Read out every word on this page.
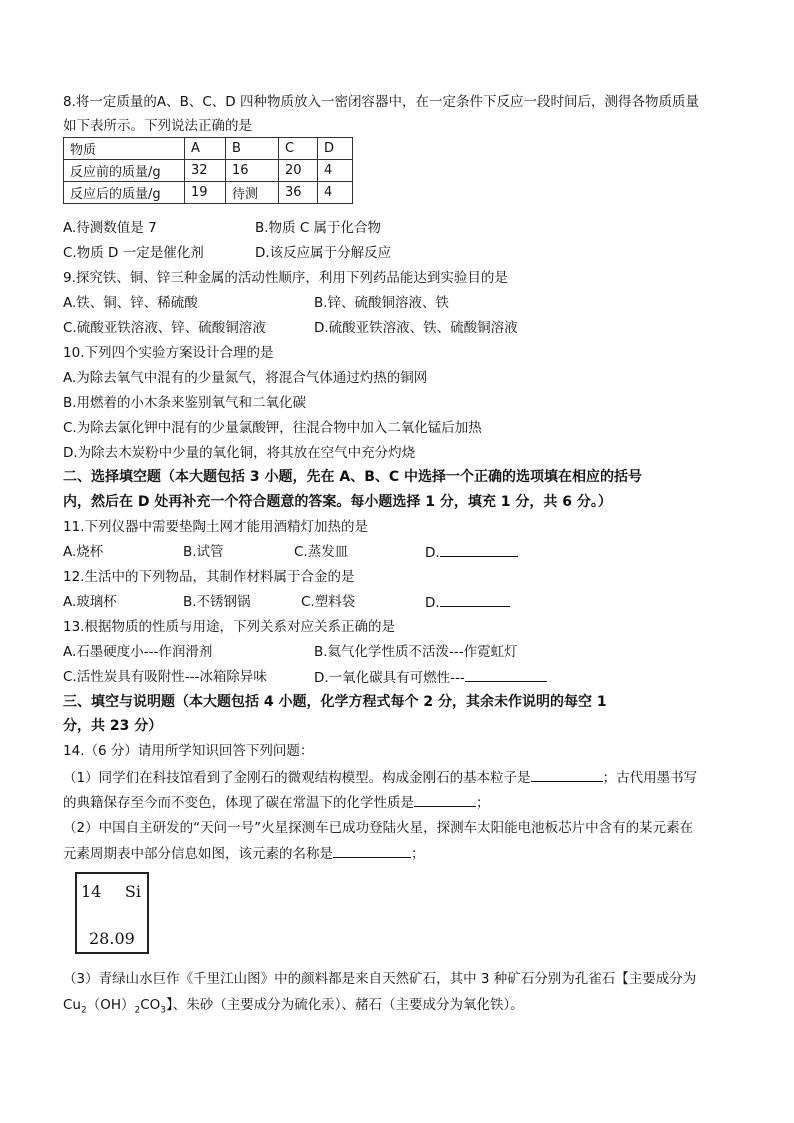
8.将一定质量的A、B、C、D 四种物质放入一密闭容器中，在一定条件下反应一段时间后，测得各物质质量
如下表所示。下列说法正确的是
物质	A	B	C	D
反应前的质量/g	32	16	20	4
反应后的质量/g	19	待测	36	4
A.待测数值是 7	B.物质 C 属于化合物
C.物质 D 一定是催化剂	D.该反应属于分解反应
9.探究铁、铜、锌三种金属的活动性顺序，利用下列药品能达到实验目的是
A.铁、铜、锌、稀硫酸	B.锌、硫酸铜溶液、铁
C.硫酸亚铁溶液、锌、硫酸铜溶液	D.硫酸亚铁溶液、铁、硫酸铜溶液
10.下列四个实验方案设计合理的是
A.为除去氧气中混有的少量氮气，将混合气体通过灼热的铜网
B.用燃着的小木条来鉴别氧气和二氧化碳
C.为除去氯化钾中混有的少量氯酸钾，往混合物中加入二氧化锰后加热
D.为除去木炭粉中少量的氧化铜，将其放在空气中充分灼烧
二、选择填空题（本大题包括 3 小题，先在 A、B、C 中选择一个正确的选项填在相应的括号
内，然后在 D 处再补充一个符合题意的答案。每小题选择 1 分，填充 1 分，共 6 分。）
11.下列仪器中需要垫陶土网才能用酒精灯加热的是
A.烧杯	B.试管	C.蒸发皿	D.
12.生活中的下列物品，其制作材料属于合金的是
A.玻璃杯	B.不锈钢锅	C.塑料袋	D.
13.根据物质的性质与用途，下列关系对应关系正确的是
A.石墨硬度小---作润滑剂	B.氦气化学性质不活泼---作霓虹灯
C.活性炭具有吸附性---冰箱除异味	D.一氧化碳具有可燃性---
三、填空与说明题（本大题包括 4 小题，化学方程式每个 2 分，其余未作说明的每空 1
分，共 23 分）
14.（6 分）请用所学知识回答下列问题：
（1）同学们在科技馆看到了金刚石的微观结构模型。构成金刚石的基本粒子是	；古代用墨书写
的典籍保存至今而不变色，体现了碳在常温下的化学性质是	；
（2）中国自主研发的“天问一号”火星探测车已成功登陆火星，探测车太阳能电池板芯片中含有的某元素在
元素周期表中部分信息如图，该元素的名称是	；
14 Si
28.09
（3）青绿山水巨作《千里江山图》中的颜料都是来自天然矿石，其中 3 种矿石分别为孔雀石【主要成分为
$Cu_2(OH)_2CO_3$】、朱砂（主要成分为硫化汞）、赭石（主要成分为氧化铁）。
